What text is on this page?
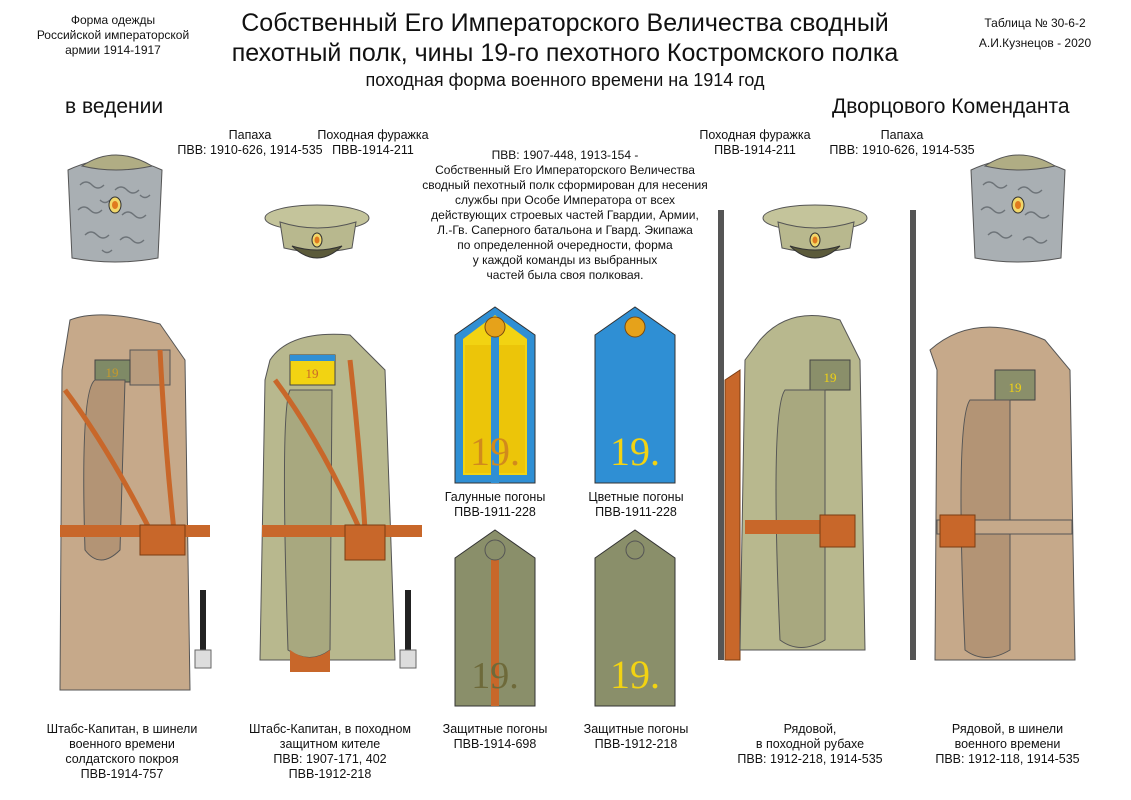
Форма одежды
Российской императорской
армии 1914-1917
Собственный Его Императорского Величества сводный
пехотный полк, чины 19-го пехотного Костромского полка
Таблица № 30-6-2
А.И.Кузнецов - 2020
походная форма военного времени на 1914 год
в ведении	Дворцового Коменданта
Папаха
ПВВ: 1910-626, 1914-535
Походная фуражка
ПВВ-1914-211
Походная фуражка
ПВВ-1914-211
Папаха
ПВВ: 1910-626, 1914-535
ПВВ: 1907-448, 1913-154 -
Собственный Его Императорского Величества
сводный пехотный полк сформирован для несения
службы при Особе Императора от всех
действующих строевых частей Гвардии, Армии,
Л.-Гв. Саперного батальона и Гвард. Экипажа
по определенной очередности, форма
у каждой команды из выбранных
частей была своя полковая.
19	19
19. 19.
Галунные погоны
ПВВ-1911-228
Цветные погоны
ПВВ-1911-228
19. 19.
Защитные погоны
ПВВ-1914-698
Защитные погоны
ПВВ-1912-218
19
19
Штабс-Капитан, в шинели
военного времени
солдатского покроя
ПВВ-1914-757
Штабс-Капитан, в походном
защитном кителе
ПВВ: 1907-171, 402
ПВВ-1912-218
Рядовой,
в походной рубахе
ПВВ: 1912-218, 1914-535
Рядовой, в шинели
военного времени
ПВВ: 1912-118, 1914-535
